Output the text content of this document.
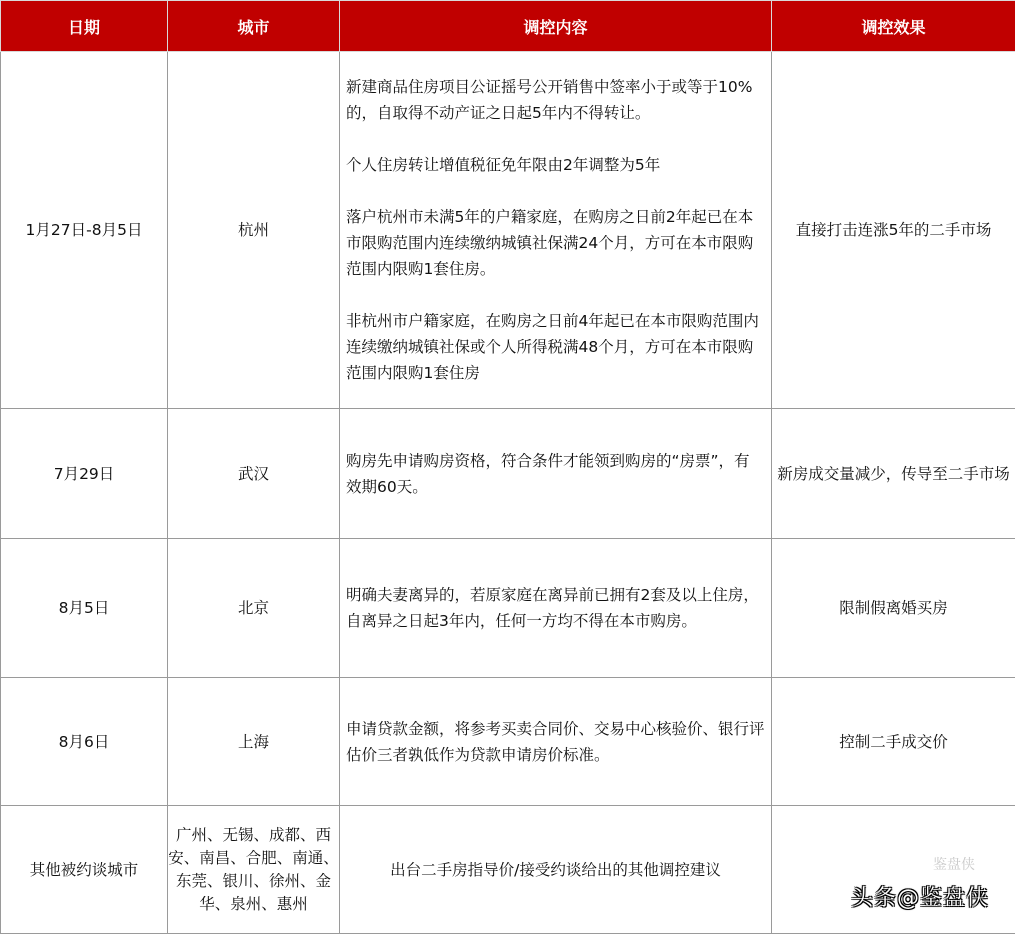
日期	城市	调控内容	调控效果
1月27日-8月5日	杭州	新建商品住房项目公证摇号公开销售中签率小于或等于10%的，自取得不动产证之日起5年内不得转让。

个人住房转让增值税征免年限由2年调整为5年

落户杭州市未满5年的户籍家庭，在购房之日前2年起已在本市限购范围内连续缴纳城镇社保满24个月，方可在本市限购范围内限购1套住房。

非杭州市户籍家庭，在购房之日前4年起已在本市限购范围内连续缴纳城镇社保或个人所得税满48个月，方可在本市限购范围内限购1套住房	直接打击连涨5年的二手市场
7月29日	武汉	购房先申请购房资格，符合条件才能领到购房的“房票”，有效期60天。	新房成交量减少，传导至二手市场
8月5日	北京	明确夫妻离异的，若原家庭在离异前已拥有2套及以上住房，自离异之日起3年内，任何一方均不得在本市购房。	限制假离婚买房
8月6日	上海	申请贷款金额，将参考买卖合同价、交易中心核验价、银行评估价三者孰低作为贷款申请房价标准。	控制二手成交价
其他被约谈城市	广州、无锡、成都、西安、南昌、合肥、南通、东莞、银川、徐州、金华、泉州、惠州	出台二手房指导价/接受约谈给出的其他调控建议	

		鉴盘侠
头条@鉴盘侠
